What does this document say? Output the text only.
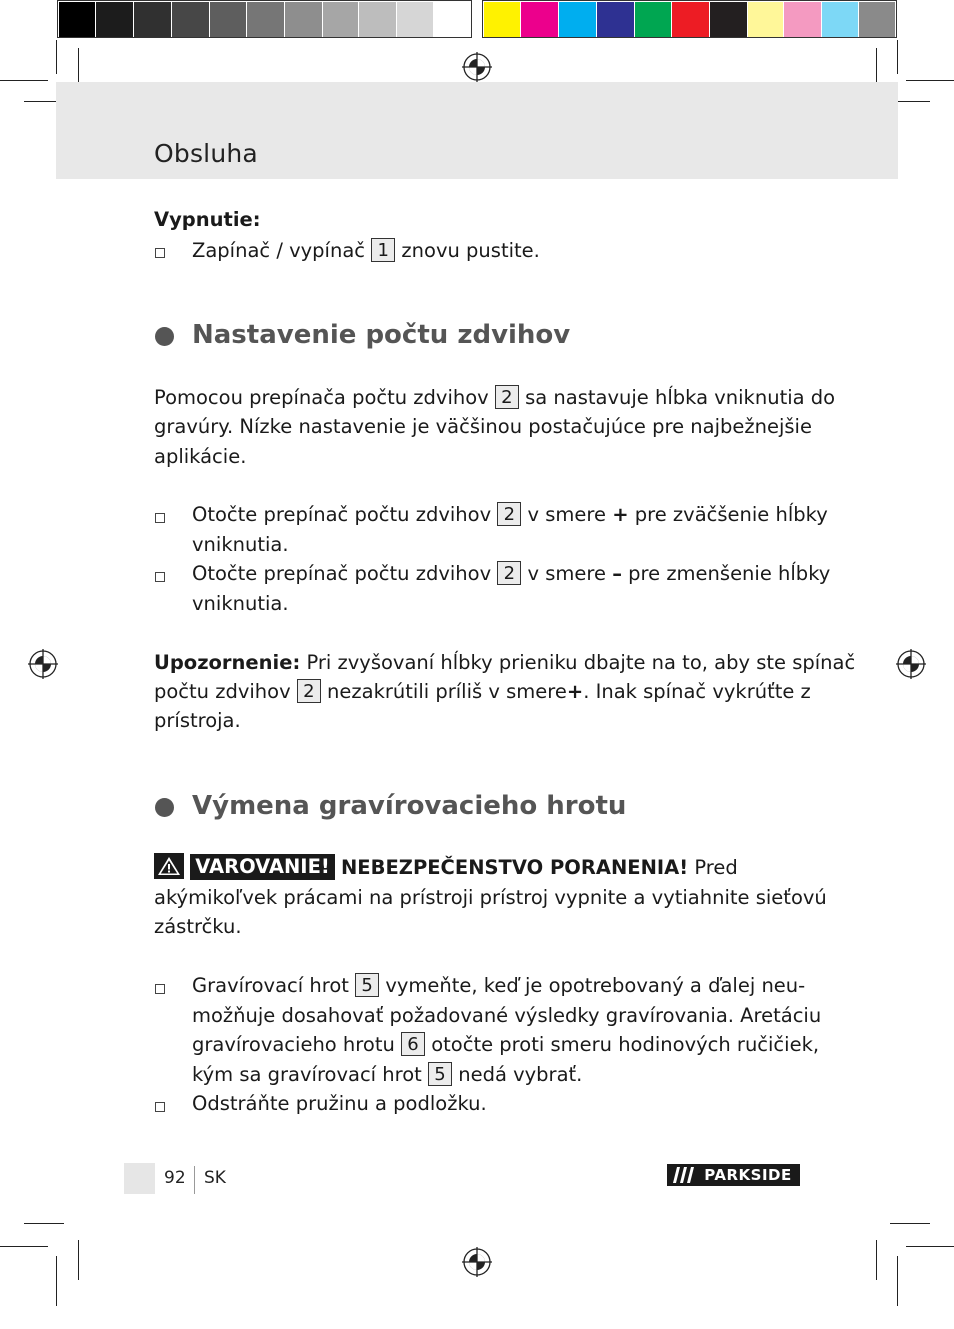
Obsluha
Vypnutie:
Zapínač / vypínač 1 znovu pustite.
Nastavenie počtu zdvihov
Pomocou prepínača počtu zdvihov 2 sa nastavuje hĺbka vniknutia do
gravúry. Nízke nastavenie je väčšinou postačujúce pre najbežnejšie
aplikácie.
Otočte prepínač počtu zdvihov 2 v smere + pre zväčšenie hĺbky
vniknutia.
Otočte prepínač počtu zdvihov 2 v smere – pre zmenšenie hĺbky
vniknutia.
Upozornenie: Pri zvyšovaní hĺbky prieniku dbajte na to, aby ste spínač
počtu zdvihov 2 nezakrútili príliš v smere+. Inak spínač vykrúťte z
prístroja.
Výmena gravírovacieho hrotu
VAROVANIE! NEBEZPEČENSTVO PORANENIA! Pred
akýmikoľvek prácami na prístroji prístroj vypnite a vytiahnite sieťovú
zástrčku.
Gravírovací hrot 5 vymeňte, keď je opotrebovaný a ďalej neu-
možňuje dosahovať požadované výsledky gravírovania. Aretáciu
gravírovacieho hrotu 6 otočte proti smeru hodinových ručičiek,
kým sa gravírovací hrot 5 nedá vybrať.
Odstráňte pružinu a podložku.
92 SK	PARKSIDE
